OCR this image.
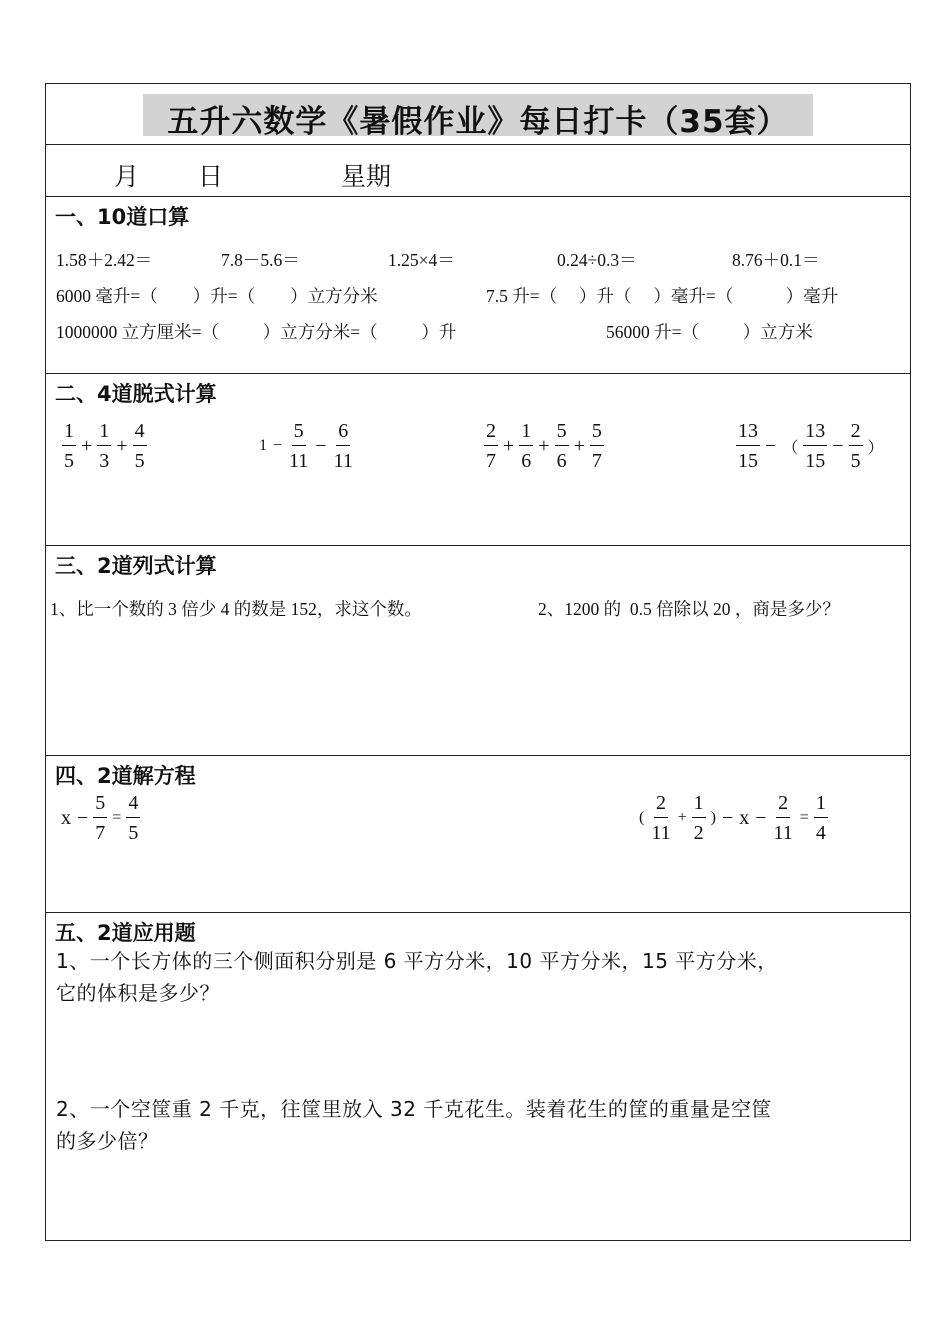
五升六数学《暑假作业》每日打卡（35套）
月 日	星期
一、10道口算
1.58＋2.42＝	7.8－5.6＝	1.25×4＝	0.24÷0.3＝	8.76＋0.1＝
6000 毫升=（        ）升=（        ）立方分米	7.5 升=（     ）升（     ）毫升=（            ）毫升
1000000 立方厘米=（          ）立方分米=（          ）升	56000 升=（          ）立方米
二、4道脱式计算
$\frac{1}{5} + \frac{1}{3} + \frac{4}{5}$	$1 - \frac{5}{11} - \frac{6}{11}$	$\frac{2}{7} + \frac{1}{6} + \frac{5}{6} + \frac{5}{7}$	$\frac{13}{15}$ − （ $\frac{13}{15} - \frac{2}{5}$ ）
三、2道列式计算
1、比一个数的 3 倍少 4 的数是 152，求这个数。	2、1200 的  0.5 倍除以 20 ，商是多少？
四、2道解方程
$x - \frac{5}{7} = \frac{4}{5}$	( $\frac{2}{11} + \frac{1}{2}$ ) − $x - \frac{2}{11} = \frac{1}{4}$
五、2道应用题
1、一个长方体的三个侧面积分别是 6 平方分米，10 平方分米，15 平方分米，
它的体积是多少？
2、一个空筐重 2 千克，往筐里放入 32 千克花生。装着花生的筐的重量是空筐
的多少倍？
